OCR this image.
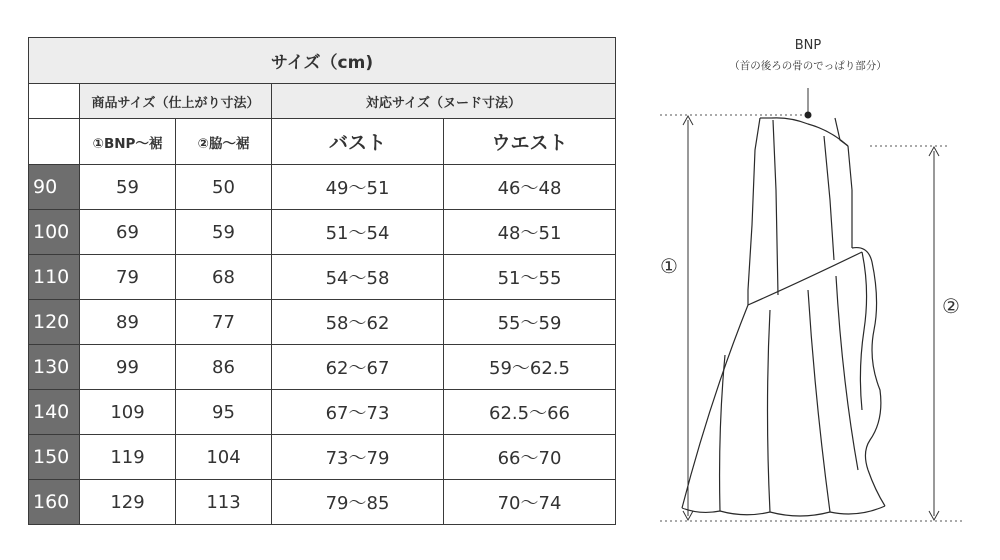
サイズ（cm)				
	商品サイズ（仕上がり寸法）		対応サイズ（ヌード寸法）	
	①BNP～裾	②脇～裾	バスト	ウエスト
90	59	50	49～51	46～48
100	69	59	51～54	48～51
110	79	68	54～58	51～55
120	89	77	58～62	55～59
130	99	86	62～67	59～62.5
140	109	95	67～73	62.5～66
150	119	104	73～79	66～70
160	129	113	79～85	70～74
BNP
（首の後ろの骨のでっぱり部分）
①
②
